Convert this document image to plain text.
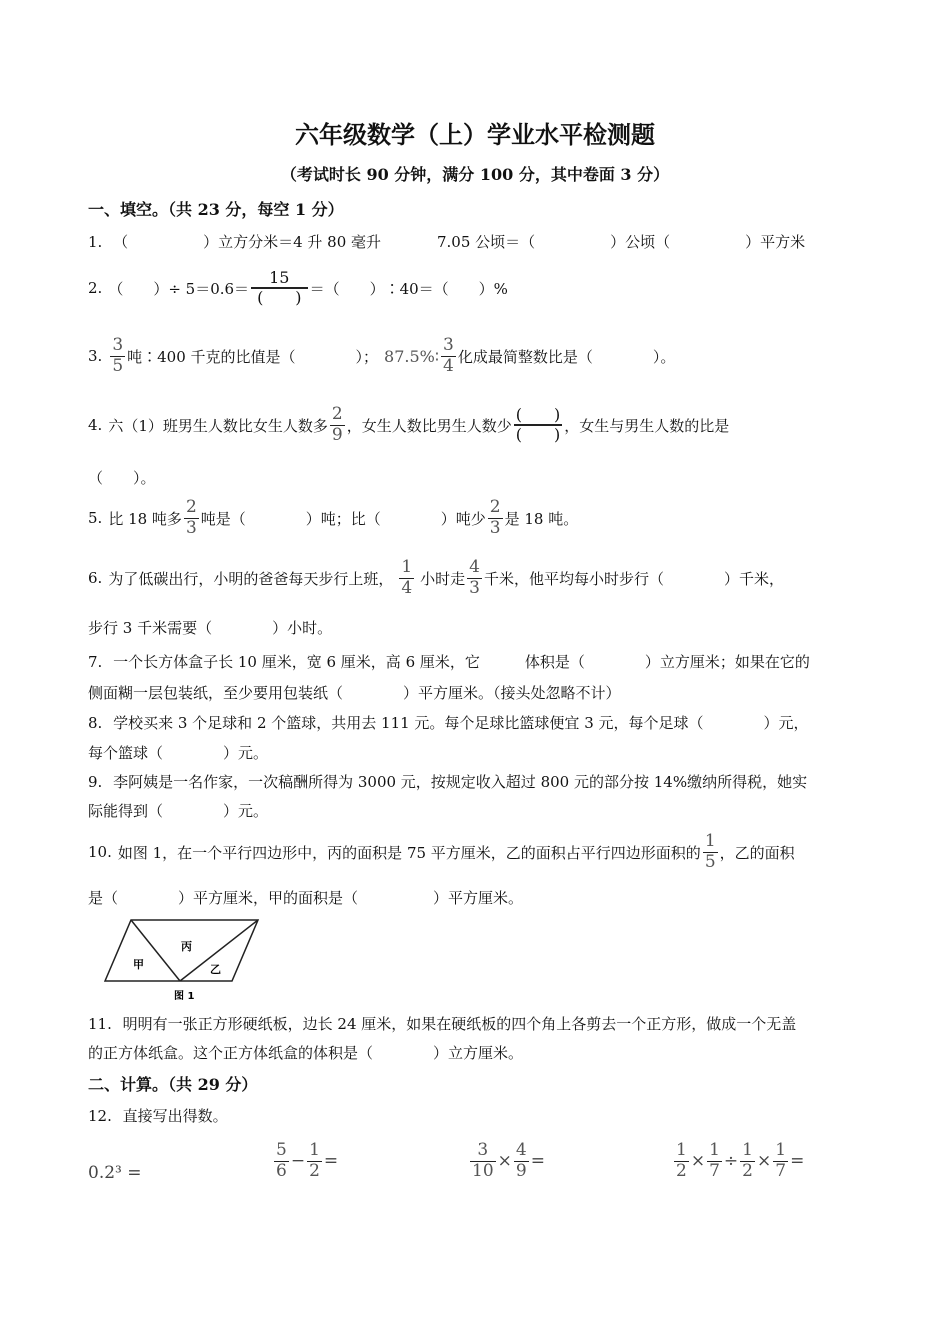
六年级数学（上）学业水平检测题
（考试时长 90 分钟，满分 100 分，其中卷面 3 分）
一、填空。（共 23 分，每空 1 分）
1. （　　　　　）立方分米＝4 升 80 毫升	7.05 公顷＝（　　　　　）公顷（　　　　　）平方米
2. （　　）÷ $5=0.6= \frac{15}{( )}$ ＝（　　）∶40＝（　　）%
3. $\frac{3}{5}$ 吨∶400 千克的比值是（　　　　）； 87.5%∶ $\frac{3}{4}$ 化成最简整数比是（　　　　）。
4. 六（1）班男生人数比女生人数多 $\frac{2}{9}$ ，女生人数比男生人数少 $\frac{( )}{( )}$ ，女生与男生人数的比是
（　　）。
5. 比 18 吨多 $\frac{2}{3}$ 吨是（　　　　）吨；比（　　　　）吨少 $\frac{2}{3}$ 是 18 吨。
6. 为了低碳出行，小明的爸爸每天步行上班， $\frac{1}{4}$ 小时走 $\frac{4}{3}$ 千米，他平均每小时步行（　　　　）千米，
步行 3 千米需要（　　　　）小时。
7. 一个长方体盒子长 10 厘米，宽 6 厘米，高 6 厘米，它　　　体积是（　　　　）立方厘米；如果在它的
侧面糊一层包装纸，至少要用包装纸（　　　　）平方厘米。（接头处忽略不计）
8. 学校买来 3 个足球和 2 个篮球，共用去 111 元。每个足球比篮球便宜 3 元，每个足球（　　　　）元，
每个篮球（　　　　）元。
9. 李阿姨是一名作家，一次稿酬所得为 3000 元，按规定收入超过 800 元的部分按 14%缴纳所得税，她实
际能得到（　　　　）元。
10. 如图 1，在一个平行四边形中，丙的面积是 75 平方厘米，乙的面积占平行四边形面积的 $\frac{1}{5}$ ，乙的面积
是（　　　　）平方厘米，甲的面积是（　　　　　）平方厘米。
甲
丙
乙
图 1
11. 明明有一张正方形硬纸板，边长 24 厘米，如果在硬纸板的四个角上各剪去一个正方形，做成一个无盖
的正方体纸盒。这个正方体纸盒的体积是（　　　　）立方厘米。
二、计算。（共 29 分）
12. 直接写出得数。
0.2³ =	$\frac{5}{6} - \frac{1}{2}$ =	$\frac{3}{10} \times \frac{4}{9}$ =	$\frac{1}{2} \times \frac{1}{7} \div \frac{1}{2} \times \frac{1}{7}$ =
